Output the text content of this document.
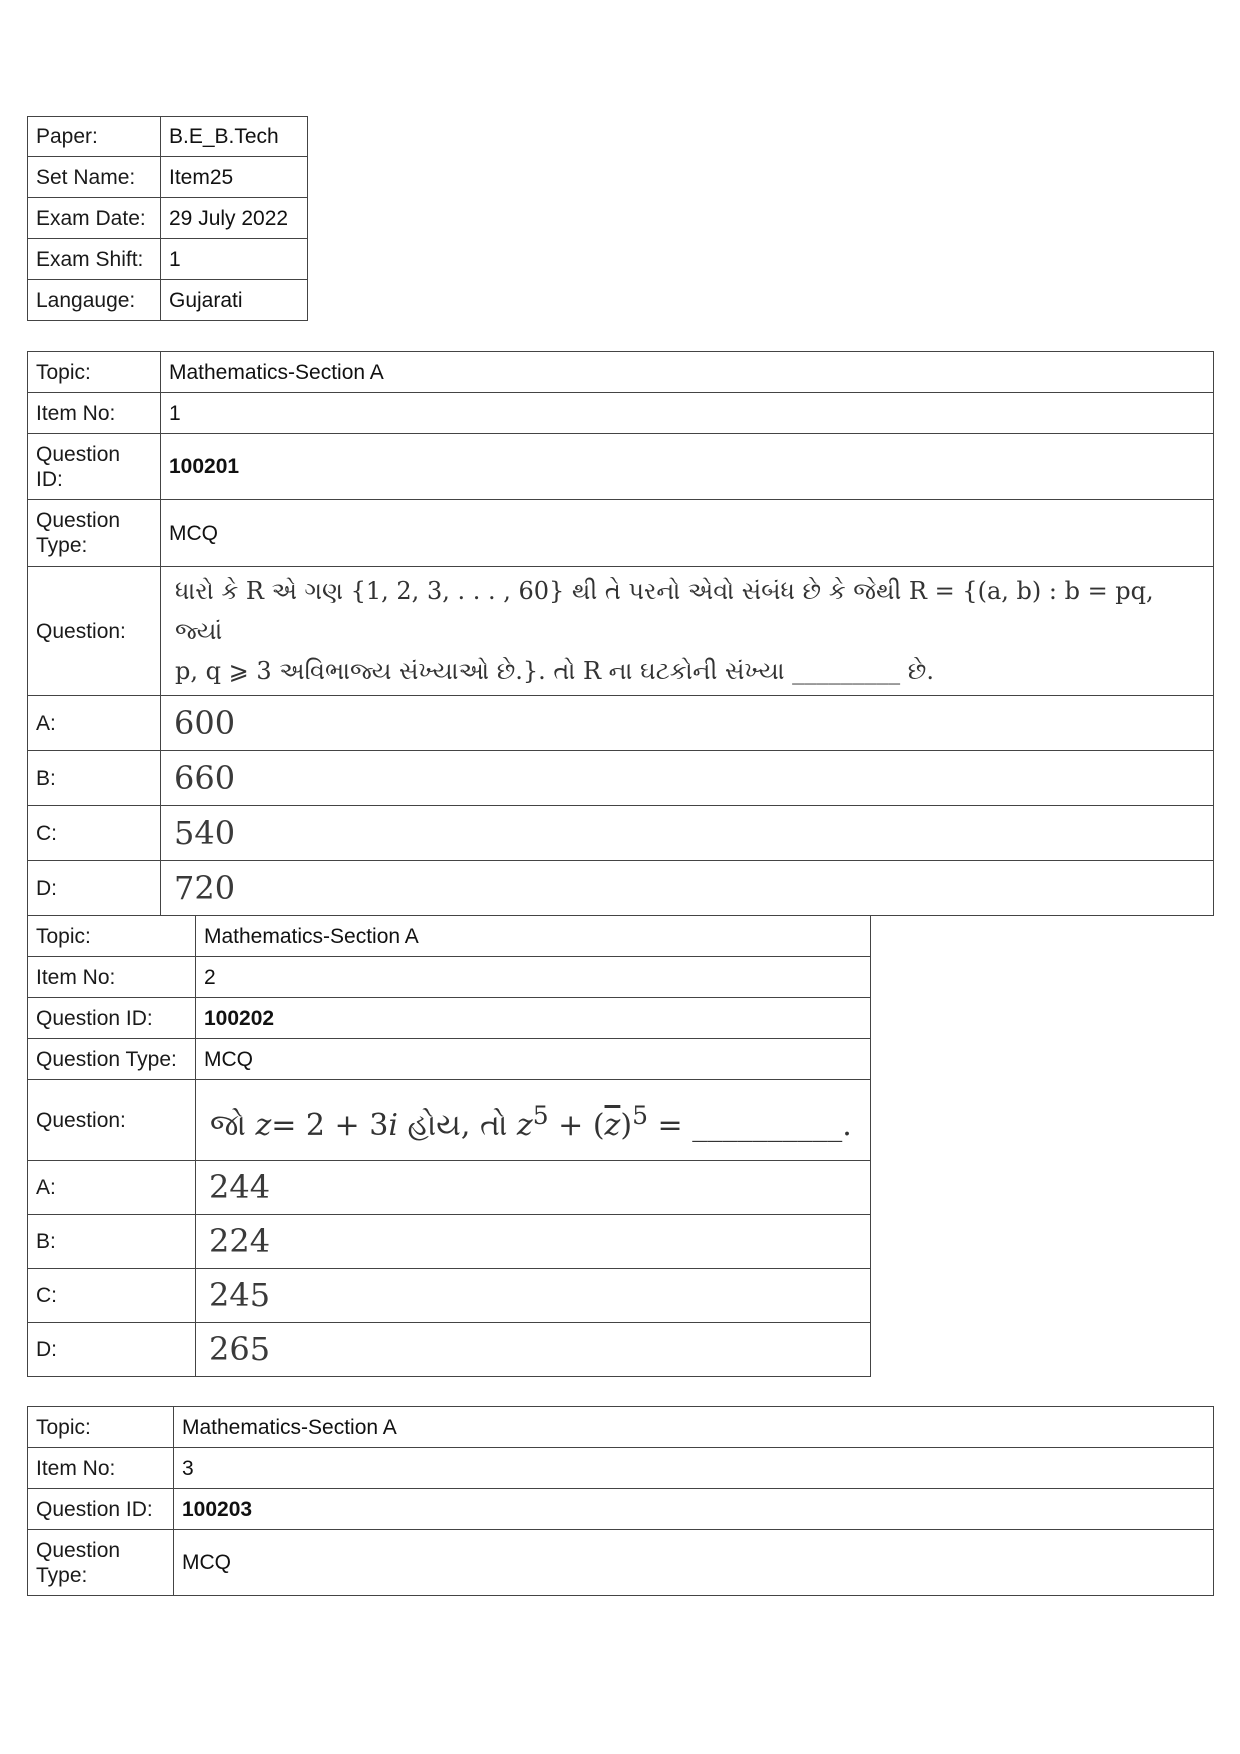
Paper:	B.E_B.Tech
Set Name:	Item25
Exam Date:	29 July 2022
Exam Shift:	1
Langauge:	Gujarati
Topic:	Mathematics-Section A
Item No:	1
Question ID:	100201
Question Type:	MCQ
Question:	ધારો કે R એ ગણ {1, 2, 3, . . . , 60} થી તે પરનો એવો સંબંધ છે કે જેથી R = {(a, b) : b = pq, જ્યાં
p, q ⩾ 3 અવિભાજ્ય સંખ્યાઓ છે.}. તો R ના ઘટકોની સંખ્યા _________ છે.

A:	600
B:	660
C:	540
D:	720
Topic:	Mathematics-Section A
Item No:	2
Question ID:	100202
Question Type:	MCQ
Question:	જો z= 2 + 3i હોય, તો $z^5 + (\overline{z})^5$ = __________.
A:	244
B:	224
C:	245
D:	265
Topic:	Mathematics-Section A
Item No:	3
Question ID:	100203
Question Type:	MCQ
